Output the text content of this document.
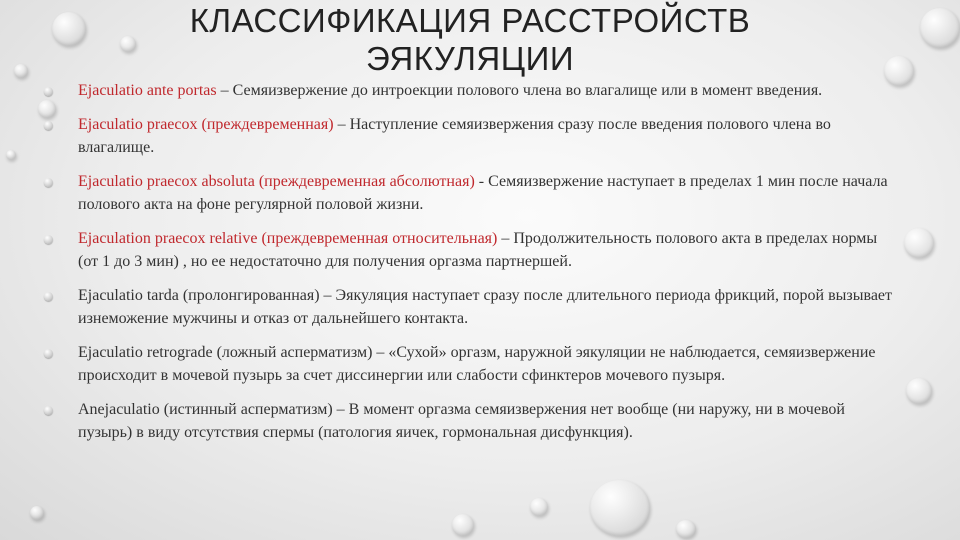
КЛАССИФИКАЦИЯ РАССТРОЙСТВ ЭЯКУЛЯЦИИ
Ejaculatio ante portas – Семяизвержение до интроекции полового члена во влагалище или в момент введения.
Ejaculatio praecox (преждевременная) – Наступление семяизвержения сразу после введения полового члена во влагалище.
Ejaculatio praecox absoluta (преждевременная абсолютная) - Семяизвержение наступает в пределах 1 мин после начала полового акта на фоне регулярной половой жизни.
Ejaculation praecox relative (преждевременная относительная) – Продолжительность полового акта в пределах нормы (от 1 до 3 мин) , но ее недостаточно для получения оргазма партнершей.
Ejaculatio tarda (пролонгированная) – Эякуляция наступает сразу после длительного периода фрикций, порой вызывает изнеможение мужчины и отказ от дальнейшего контакта.
Ejaculatio retrograde (ложный аспермaтизм) – «Сухой» оргазм, наружной эякуляции не наблюдается, семяизвержение происходит в мочевой пузырь за счет диссинергии или слабости сфинктеров мочевого пузыря.
Anejaculatio (истинный аспермaтизм) – В момент оргазма семяизвержения нет вообще (ни наружу, ни в мочевой пузырь) в виду отсутствия спермы (патология яичек, гормональная дисфункция).
